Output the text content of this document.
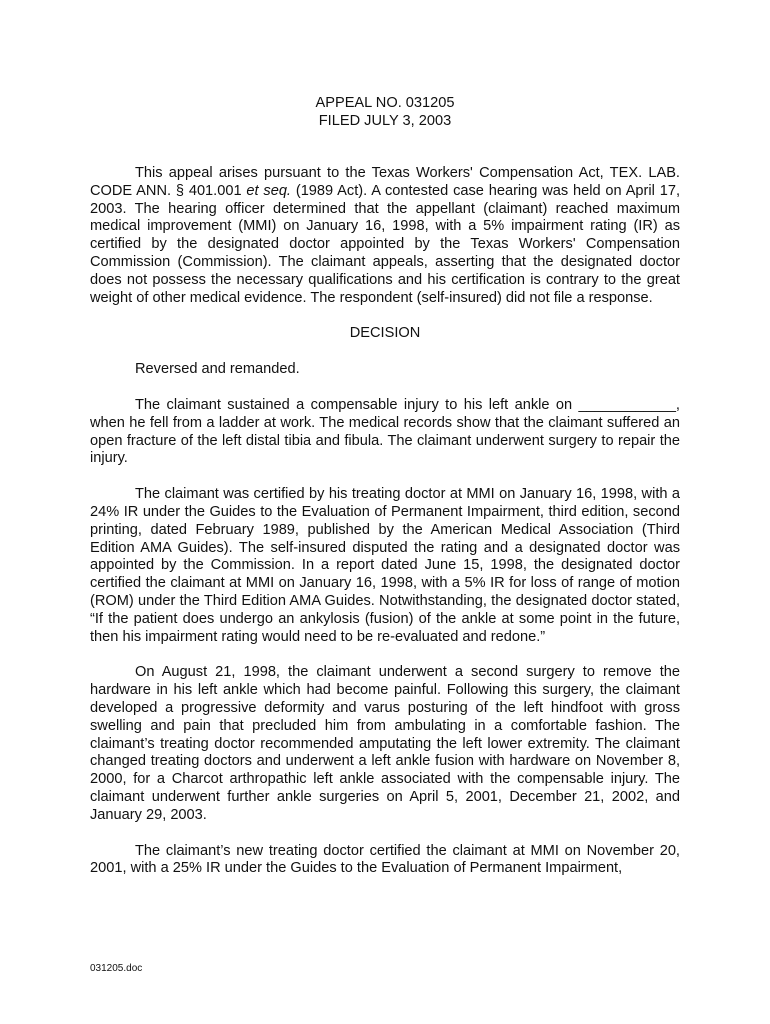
APPEAL NO. 031205
FILED JULY 3, 2003

This appeal arises pursuant to the Texas Workers' Compensation Act, TEX. LAB. CODE ANN. § 401.001 et seq. (1989 Act). A contested case hearing was held on April 17, 2003. The hearing officer determined that the appellant (claimant) reached maximum medical improvement (MMI) on January 16, 1998, with a 5% impairment rating (IR) as certified by the designated doctor appointed by the Texas Workers' Compensation Commission (Commission). The claimant appeals, asserting that the designated doctor does not possess the necessary qualifications and his certification is contrary to the great weight of other medical evidence. The respondent (self-insured) did not file a response.

DECISION

Reversed and remanded.

The claimant sustained a compensable injury to his left ankle on ____________, when he fell from a ladder at work. The medical records show that the claimant suffered an open fracture of the left distal tibia and fibula. The claimant underwent surgery to repair the injury.

The claimant was certified by his treating doctor at MMI on January 16, 1998, with a 24% IR under the Guides to the Evaluation of Permanent Impairment, third edition, second printing, dated February 1989, published by the American Medical Association (Third Edition AMA Guides). The self-insured disputed the rating and a designated doctor was appointed by the Commission. In a report dated June 15, 1998, the designated doctor certified the claimant at MMI on January 16, 1998, with a 5% IR for loss of range of motion (ROM) under the Third Edition AMA Guides. Notwithstanding, the designated doctor stated, “If the patient does undergo an ankylosis (fusion) of the ankle at some point in the future, then his impairment rating would need to be re-evaluated and redone.”

On August 21, 1998, the claimant underwent a second surgery to remove the hardware in his left ankle which had become painful. Following this surgery, the claimant developed a progressive deformity and varus posturing of the left hindfoot with gross swelling and pain that precluded him from ambulating in a comfortable fashion. The claimant’s treating doctor recommended amputating the left lower extremity. The claimant changed treating doctors and underwent a left ankle fusion with hardware on November 8, 2000, for a Charcot arthropathic left ankle associated with the compensable injury. The claimant underwent further ankle surgeries on April 5, 2001, December 21, 2002, and January 29, 2003.

The claimant’s new treating doctor certified the claimant at MMI on November 20, 2001, with a 25% IR under the Guides to the Evaluation of Permanent Impairment,

031205.doc
